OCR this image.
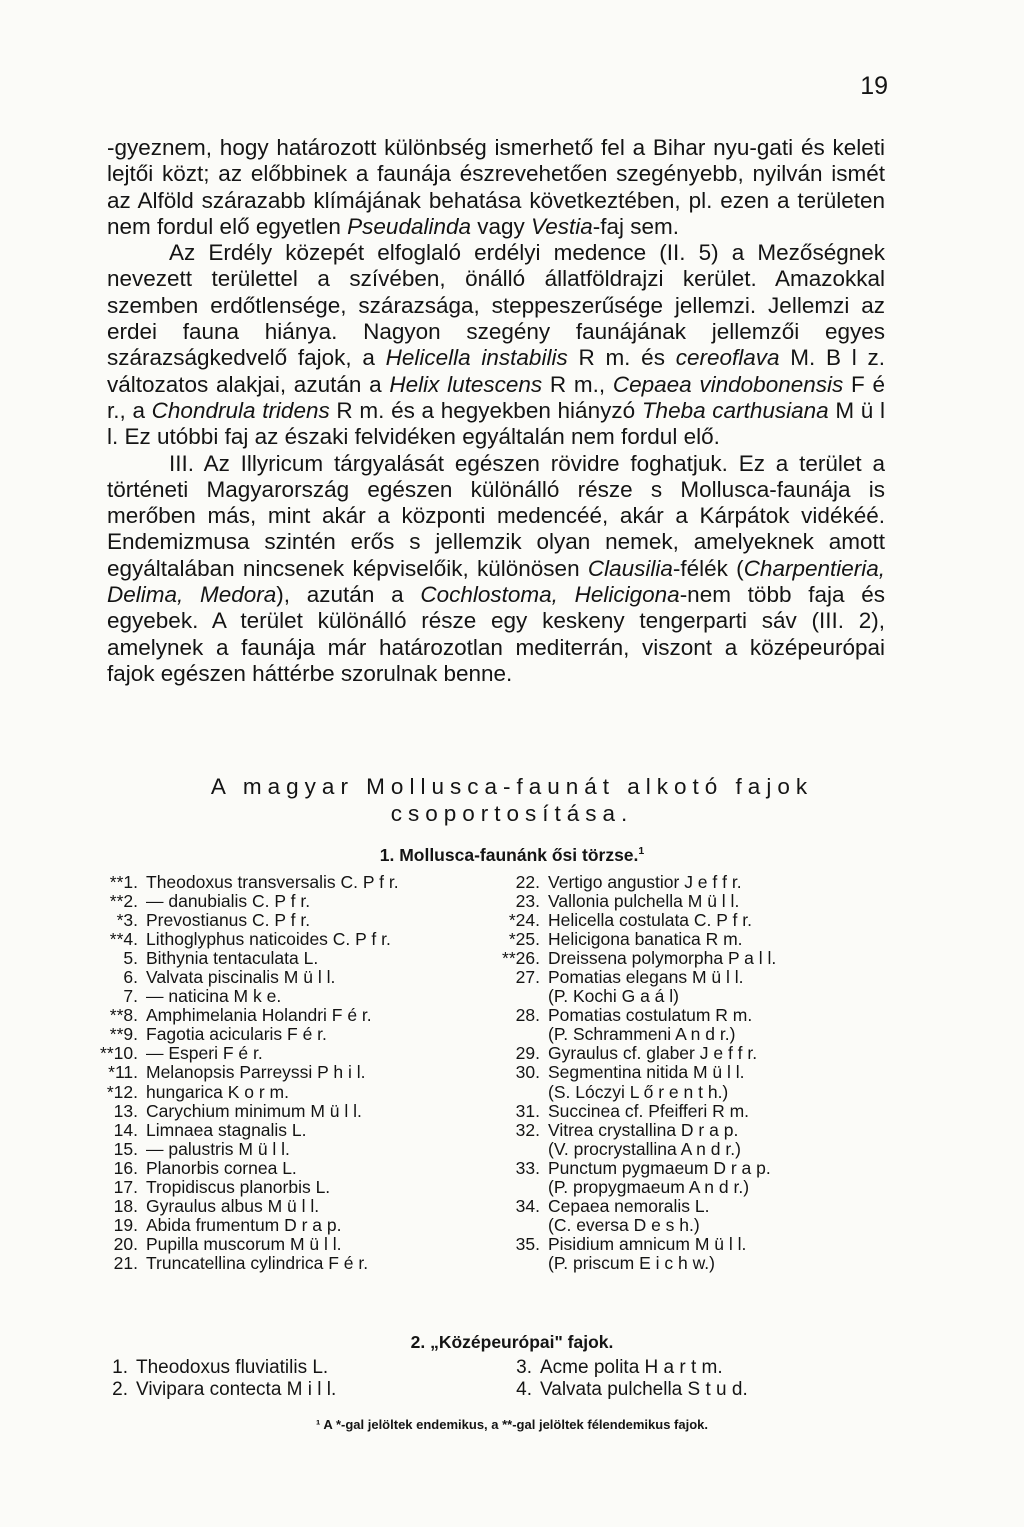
19

-gyeznem, hogy határozott különbség ismerhető fel a Bihar nyu-gati és keleti lejtői közt; az előbbinek a faunája észrevehetően szegényebb, nyilván ismét az Alföld szárazabb klímájának behatása következtében, pl. ezen a területen nem fordul elő egyetlen Pseudalinda vagy Vestia-faj sem.

Az Erdély közepét elfoglaló erdélyi medence (II. 5) a Mezőségnek nevezett területtel a szívében, önálló állatföldrajzi kerület. Amazokkal szemben erdőtlensége, szárazsága, steppeszerűsége jellemzi. Jellemzi az erdei fauna hiánya. Nagyon szegény faunájának jellemzői egyes szárazságkedvelő fajok, a Helicella instabilis R m. és cereoflava M. B l z. változatos alakjai, azután a Helix lutescens R m., Cepaea vindobonensis F é r., a Chondrula tridens R m. és a hegyekben hiányzó Theba carthusiana M ü l l. Ez utóbbi faj az északi felvidéken egyáltalán nem fordul elő.

III. Az Illyricum tárgyalását egészen rövidre foghatjuk. Ez a terület a történeti Magyarország egészen különálló része s Mollusca-faunája is merőben más, mint akár a központi medencéé, akár a Kárpátok vidékéé. Endemizmusa szintén erős s jellemzik olyan nemek, amelyeknek amott egyáltalában nincsenek képviselőik, különösen Clausilia-félék (Charpentieria, Delima, Medora), azután a Cochlostoma, Helicigona-nem több faja és egyebek. A terület különálló része egy keskeny tengerparti sáv (III. 2), amelynek a faunája már határozotlan mediterrán, viszont a középeurópai fajok egészen háttérbe szorulnak benne.

A magyar Mollusca-faunát alkotó fajok
csoportosítása.
1. Mollusca-faunánk ősi törzse.$^1$
**1. Theodoxus transversalis C. P f r.
**2. — danubialis C. P f r.
*3. Prevostianus C. P f r.
**4. Lithoglyphus naticoides C. P f r.
5. Bithynia tentaculata L.
6. Valvata piscinalis M ü l l.
7. — naticina M k e.
**8. Amphimelania Holandri F é r.
**9. Fagotia acicularis F é r.
**10. — Esperi F é r.
*11. Melanopsis Parreyssi P h i l.
*12. hungarica K o r m.
13. Carychium minimum M ü l l.
14. Limnaea stagnalis L.
15. — palustris M ü l l.
16. Planorbis cornea L.
17. Tropidiscus planorbis L.
18. Gyraulus albus M ü l l.
19. Abida frumentum D r a p.
20. Pupilla muscorum M ü l l.
21. Truncatellina cylindrica F é r.
22. Vertigo angustior J e f f r.
23. Vallonia pulchella M ü l l.
*24. Helicella costulata C. P f r.
*25. Helicigona banatica R m.
**26. Dreissena polymorpha P a l l.
27. Pomatias elegans M ü l l.
(P. Kochi G a á l)
28. Pomatias costulatum R m.
(P. Schrammeni A n d r.)
29. Gyraulus cf. glaber J e f f r.
30. Segmentina nitida M ü l l.
(S. Lóczyi L ő r e n t h.)
31. Succinea cf. Pfeifferi R m.
32. Vitrea crystallina D r a p.
(V. procrystallina A n d r.)
33. Punctum pygmaeum D r a p.
(P. propygmaeum A n d r.)
34. Cepaea nemoralis L.
(C. eversa D e s h.)
35. Pisidium amnicum M ü l l.
(P. priscum E i c h w.)
2. „Középeurópai" fajok.
1. Theodoxus fluviatilis L.
2. Vivipara contecta M i l l.
3. Acme polita H a r t m.
4. Valvata pulchella S t u d.
¹ A *-gal jelöltek endemikus, a **-gal jelöltek félendemikus fajok.
